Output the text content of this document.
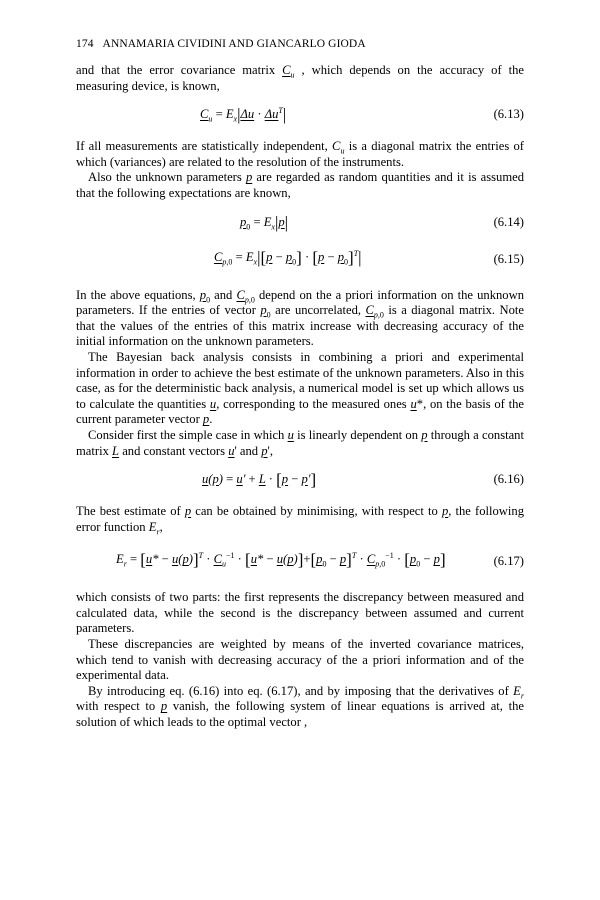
174 ANNAMARIA CIVIDINI AND GIANCARLO GIODA

and that the error covariance matrix $C_u$ , which depends on the accuracy of the measuring device, is known,

$C_u = E_x|\Delta u \cdot \Delta u^T|$	(6.13)

If all measurements are statistically independent, $C_u$ is a diagonal matrix the entries of which (variances) are related to the resolution of the instruments.

Also the unknown parameters p are regarded as random quantities and it is assumed that the following expectations are known,

$p_0 = E_x|p|$	(6.14)
$C_{p,0} = E_x|[p - p_0] \cdot [p - p_0]^T|$	(6.15)

In the above equations, $p_0$ and $C_{p,0}$ depend on the a priori information on the unknown parameters. If the entries of vector $p_0$ are uncorrelated, $C_{p,0}$ is a diagonal matrix. Note that the values of the entries of this matrix increase with decreasing accuracy of the initial information on the unknown parameters.

The Bayesian back analysis consists in combining a priori and experimental information in order to achieve the best estimate of the unknown parameters. Also in this case, as for the deterministic back analysis, a numerical model is set up which allows us to calculate the quantities u, corresponding to the measured ones u*, on the basis of the current parameter vector p.

Consider first the simple case in which u is linearly dependent on p through a constant matrix L and constant vectors u' and p',

u(p) = u' + L · [p − p']	(6.16)

The best estimate of p can be obtained by minimising, with respect to p, the following error function $E_r$,

$E_r = [u* - u(p)]^T \cdot C_u^{-1} \cdot [u* - u(p)]+[p_0 - p]^T \cdot C_{p,0}^{-1} \cdot [p_0 - p]$	(6.17)

which consists of two parts: the first represents the discrepancy between measured and calculated data, while the second is the discrepancy between assumed and current parameters.

These discrepancies are weighted by means of the inverted covariance matrices, which tend to vanish with decreasing accuracy of the a priori information and of the experimental data.

By introducing eq. (6.16) into eq. (6.17), and by imposing that the derivatives of $E_r$ with respect to p vanish, the following system of linear equations is arrived at, the solution of which leads to the optimal vector ,
